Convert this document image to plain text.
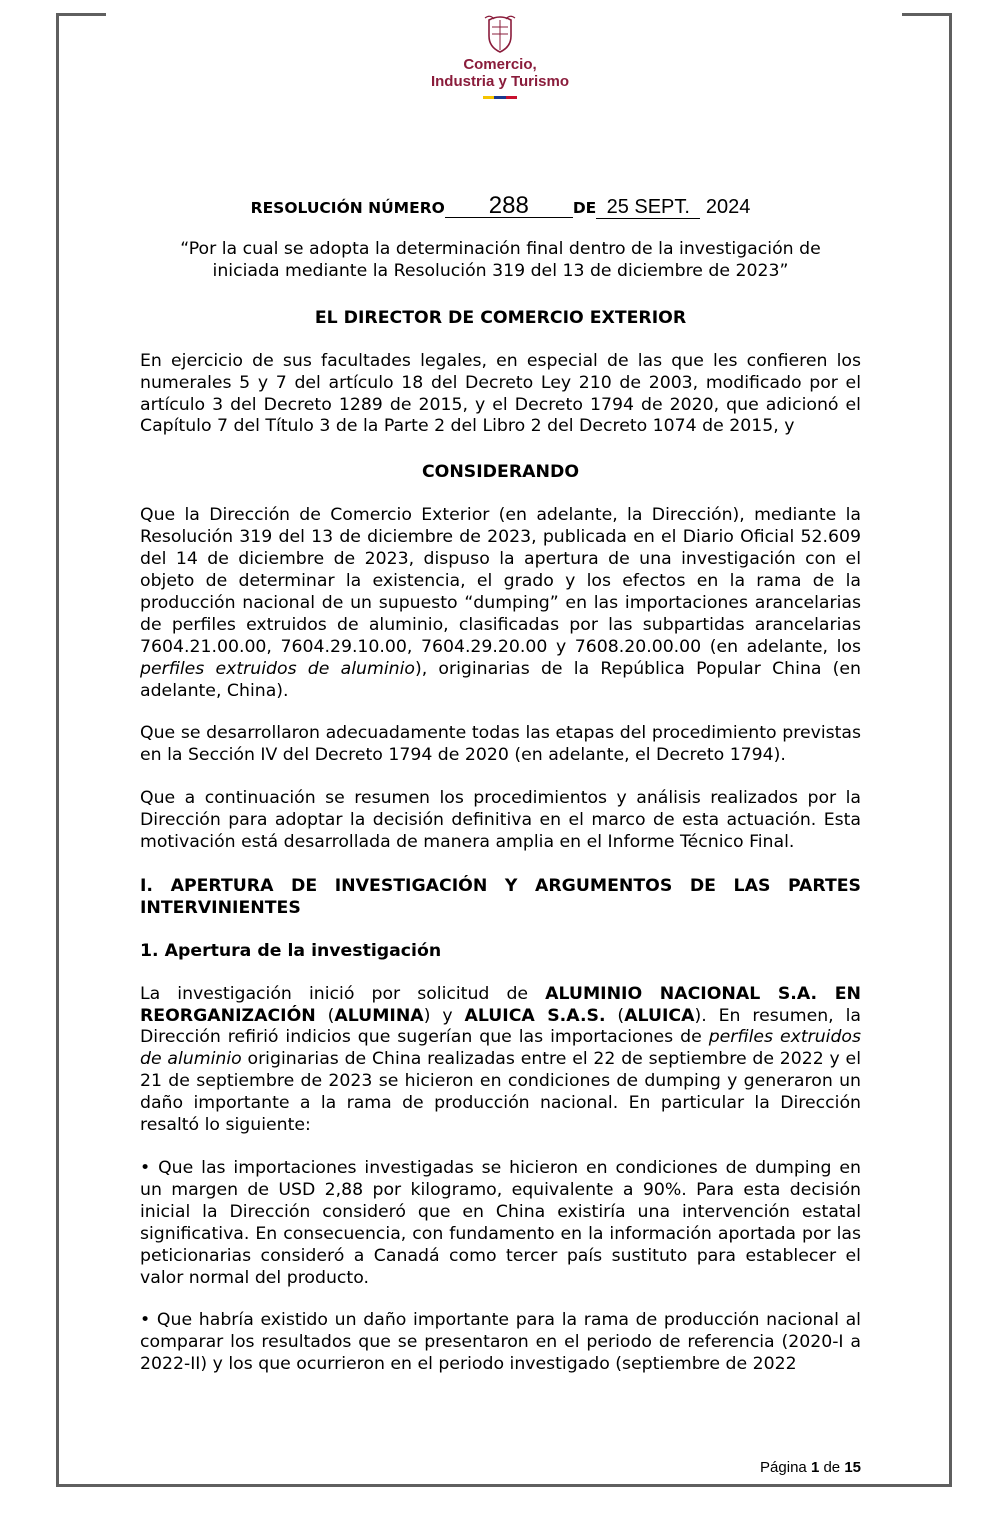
Comercio,
Industria y Turismo
RESOLUCIÓN NÚMERO 288	DE 25 SEPT. 2024
“Por la cual se adopta la determinación final dentro de la investigación de
iniciada mediante la Resolución 319 del 13 de diciembre de 2023”
EL DIRECTOR DE COMERCIO EXTERIOR

En ejercicio de sus facultades legales, en especial de las que les confieren los numerales 5 y 7 del artículo 18 del Decreto Ley 210 de 2003, modificado por el artículo 3 del Decreto 1289 de 2015, y el Decreto 1794 de 2020, que adicionó el Capítulo 7 del Título 3 de la Parte 2 del Libro 2 del Decreto 1074 de 2015, y

CONSIDERANDO

Que la Dirección de Comercio Exterior (en adelante, la Dirección), mediante la Resolución 319 del 13 de diciembre de 2023, publicada en el Diario Oficial 52.609 del 14 de diciembre de 2023, dispuso la apertura de una investigación con el objeto de determinar la existencia, el grado y los efectos en la rama de la producción nacional de un supuesto “dumping” en las importaciones arancelarias de perfiles extruidos de aluminio, clasificadas por las subpartidas arancelarias 7604.21.00.00, 7604.29.10.00, 7604.29.20.00 y 7608.20.00.00 (en adelante, los perfiles extruidos de aluminio), originarias de la República Popular China (en adelante, China).

Que se desarrollaron adecuadamente todas las etapas del procedimiento previstas en la Sección IV del Decreto 1794 de 2020 (en adelante, el Decreto 1794).

Que a continuación se resumen los procedimientos y análisis realizados por la Dirección para adoptar la decisión definitiva en el marco de esta actuación. Esta motivación está desarrollada de manera amplia en el Informe Técnico Final.

I. APERTURA DE INVESTIGACIÓN Y ARGUMENTOS DE LAS PARTES INTERVINIENTES

1. Apertura de la investigación

La investigación inició por solicitud de ALUMINIO NACIONAL S.A. EN REORGANIZACIÓN (ALUMINA) y ALUICA S.A.S. (ALUICA). En resumen, la Dirección refirió indicios que sugerían que las importaciones de perfiles extruidos de aluminio originarias de China realizadas entre el 22 de septiembre de 2022 y el 21 de septiembre de 2023 se hicieron en condiciones de dumping y generaron un daño importante a la rama de producción nacional. En particular la Dirección resaltó lo siguiente:

• Que las importaciones investigadas se hicieron en condiciones de dumping en un margen de USD 2,88 por kilogramo, equivalente a 90%. Para esta decisión inicial la Dirección consideró que en China existiría una intervención estatal significativa. En consecuencia, con fundamento en la información aportada por las peticionarias consideró a Canadá como tercer país sustituto para establecer el valor normal del producto.

• Que habría existido un daño importante para la rama de producción nacional al comparar los resultados que se presentaron en el periodo de referencia (2020-I a 2022-II) y los que ocurrieron en el periodo investigado (septiembre de 2022

Página 1 de 15
